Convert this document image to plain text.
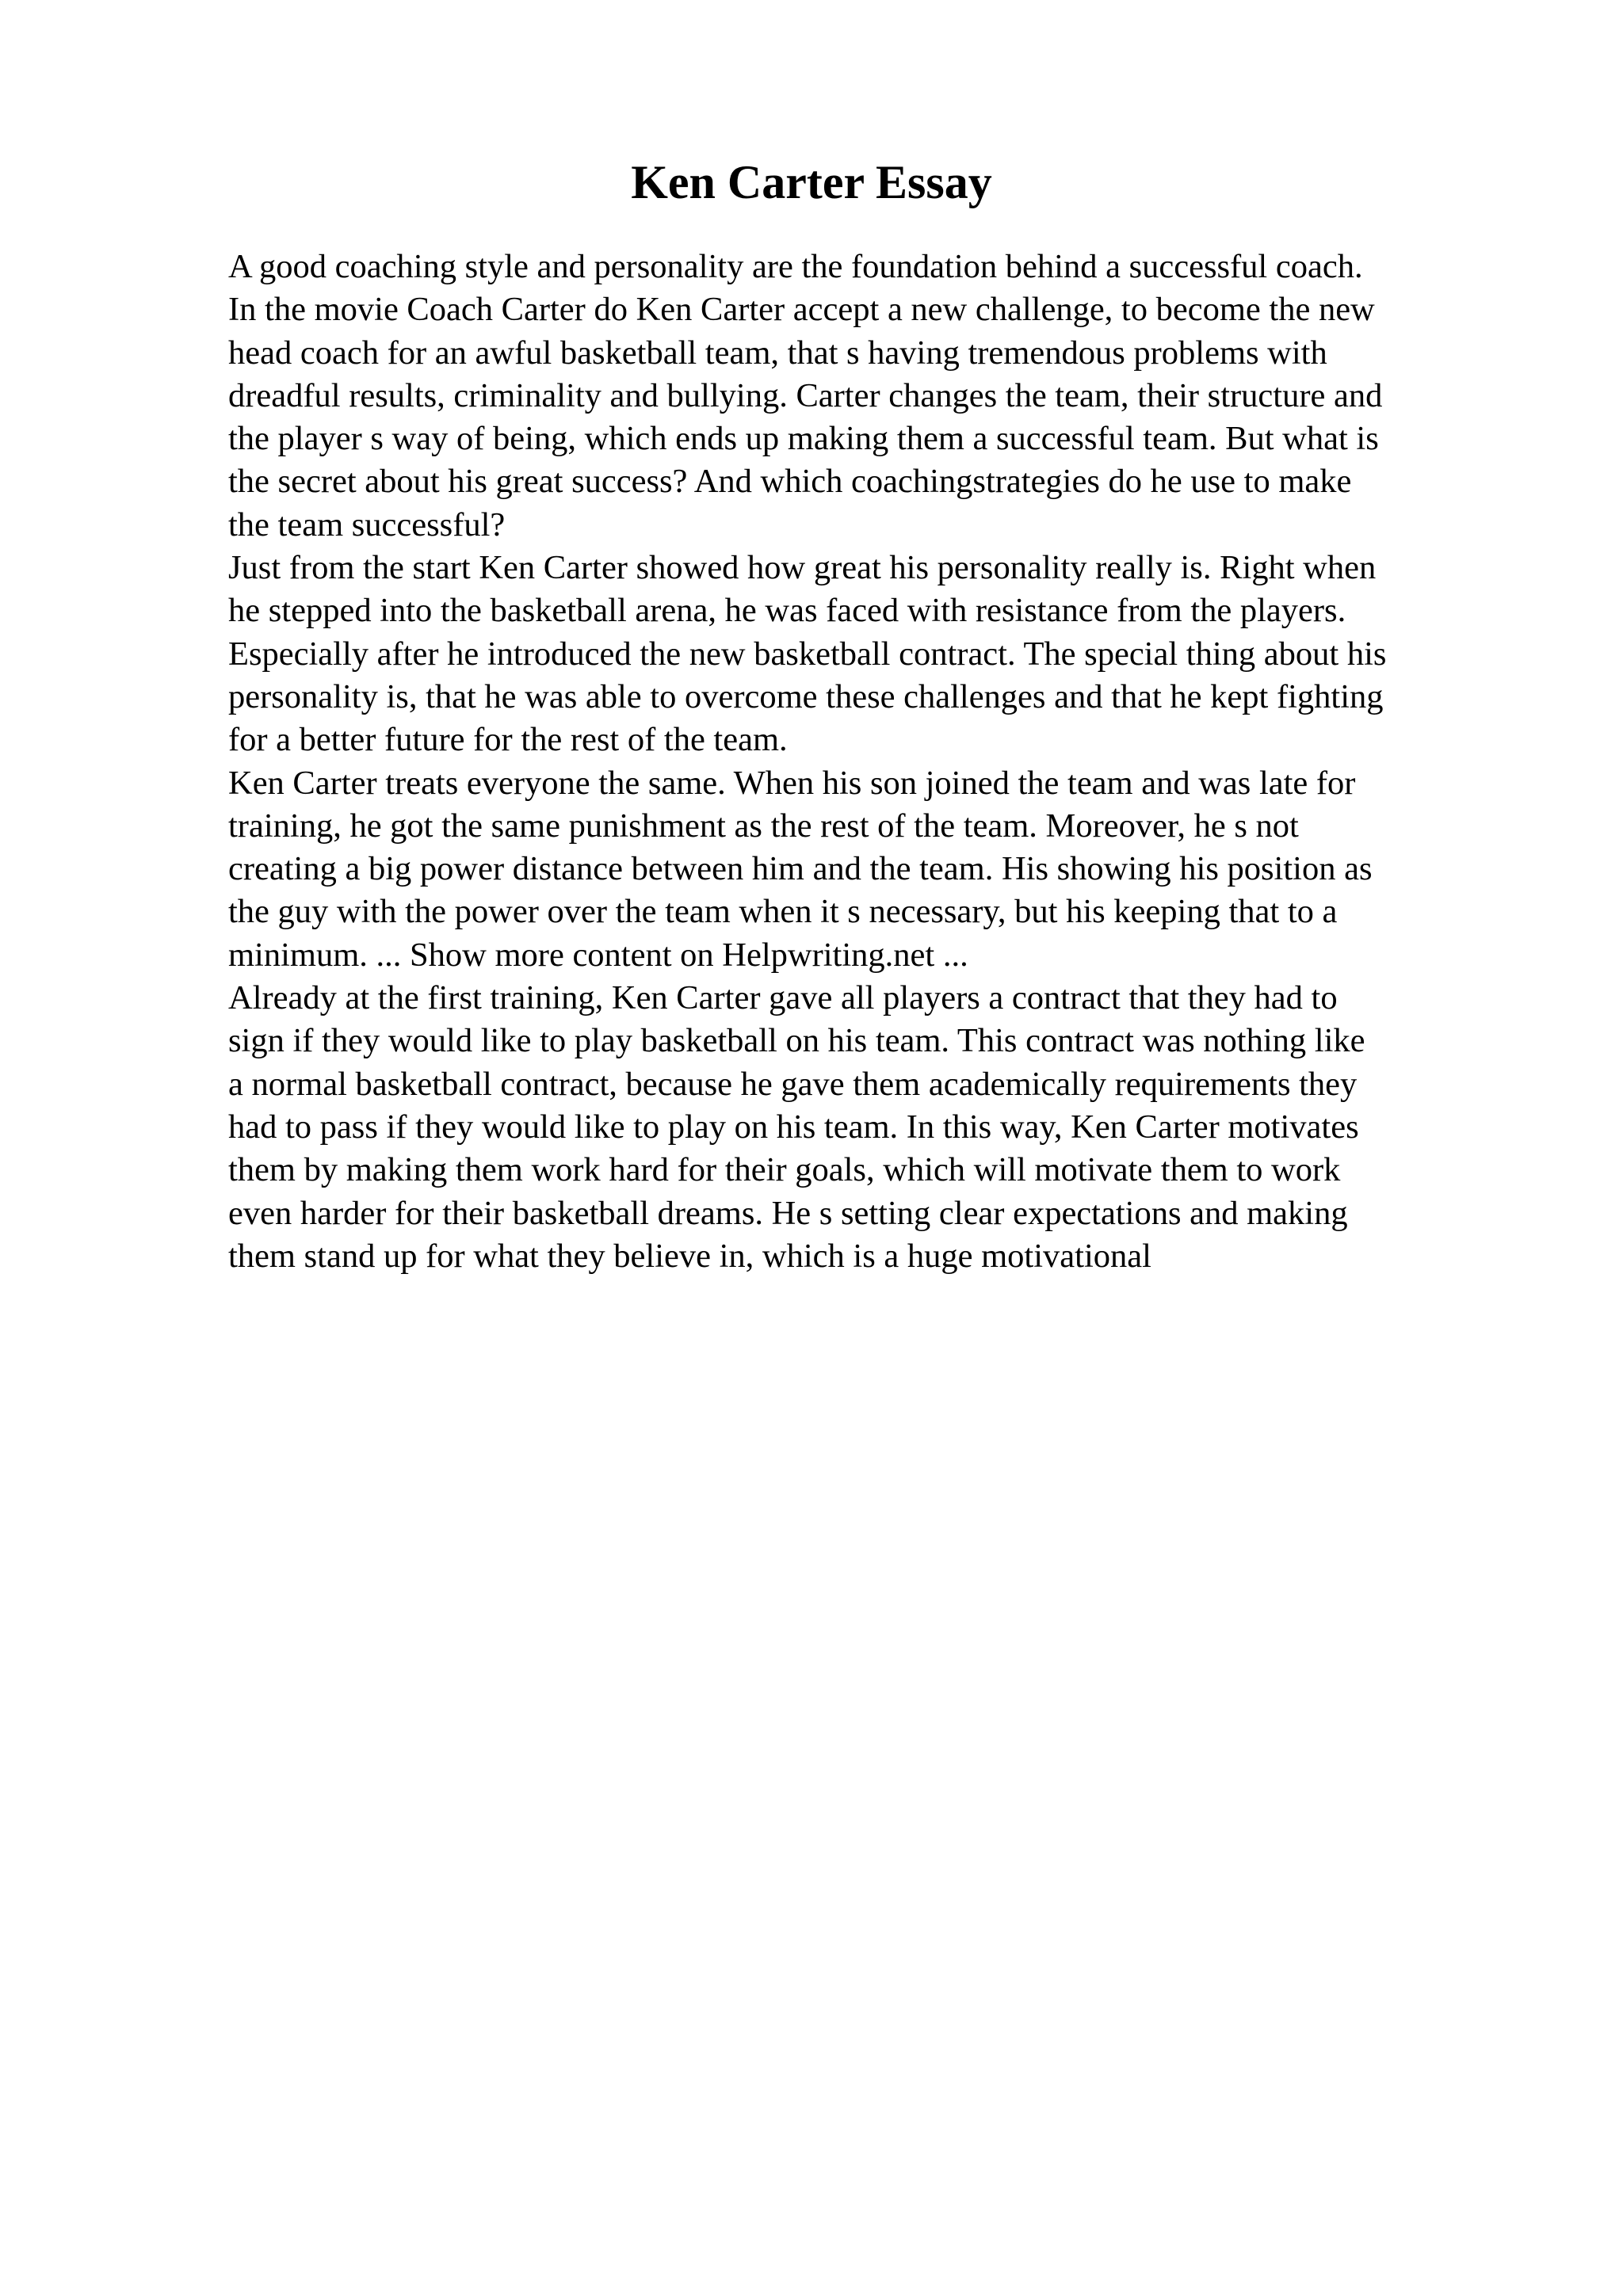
Ken Carter Essay
A good coaching style and personality are the foundation behind a successful coach.
In the movie Coach Carter do Ken Carter accept a new challenge, to become the new
head coach for an awful basketball team, that s having tremendous problems with
dreadful results, criminality and bullying. Carter changes the team, their structure and
the player s way of being, which ends up making them a successful team. But what is
the secret about his great success? And which coachingstrategies do he use to make
the team successful?
Just from the start Ken Carter showed how great his personality really is. Right when
he stepped into the basketball arena, he was faced with resistance from the players.
Especially after he introduced the new basketball contract. The special thing about his
personality is, that he was able to overcome these challenges and that he kept fighting
for a better future for the rest of the team.
Ken Carter treats everyone the same. When his son joined the team and was late for
training, he got the same punishment as the rest of the team. Moreover, he s not
creating a big power distance between him and the team. His showing his position as
the guy with the power over the team when it s necessary, but his keeping that to a
minimum. ... Show more content on Helpwriting.net ...
Already at the first training, Ken Carter gave all players a contract that they had to
sign if they would like to play basketball on his team. This contract was nothing like
a normal basketball contract, because he gave them academically requirements they
had to pass if they would like to play on his team. In this way, Ken Carter motivates
them by making them work hard for their goals, which will motivate them to work
even harder for their basketball dreams. He s setting clear expectations and making
them stand up for what they believe in, which is a huge motivational
